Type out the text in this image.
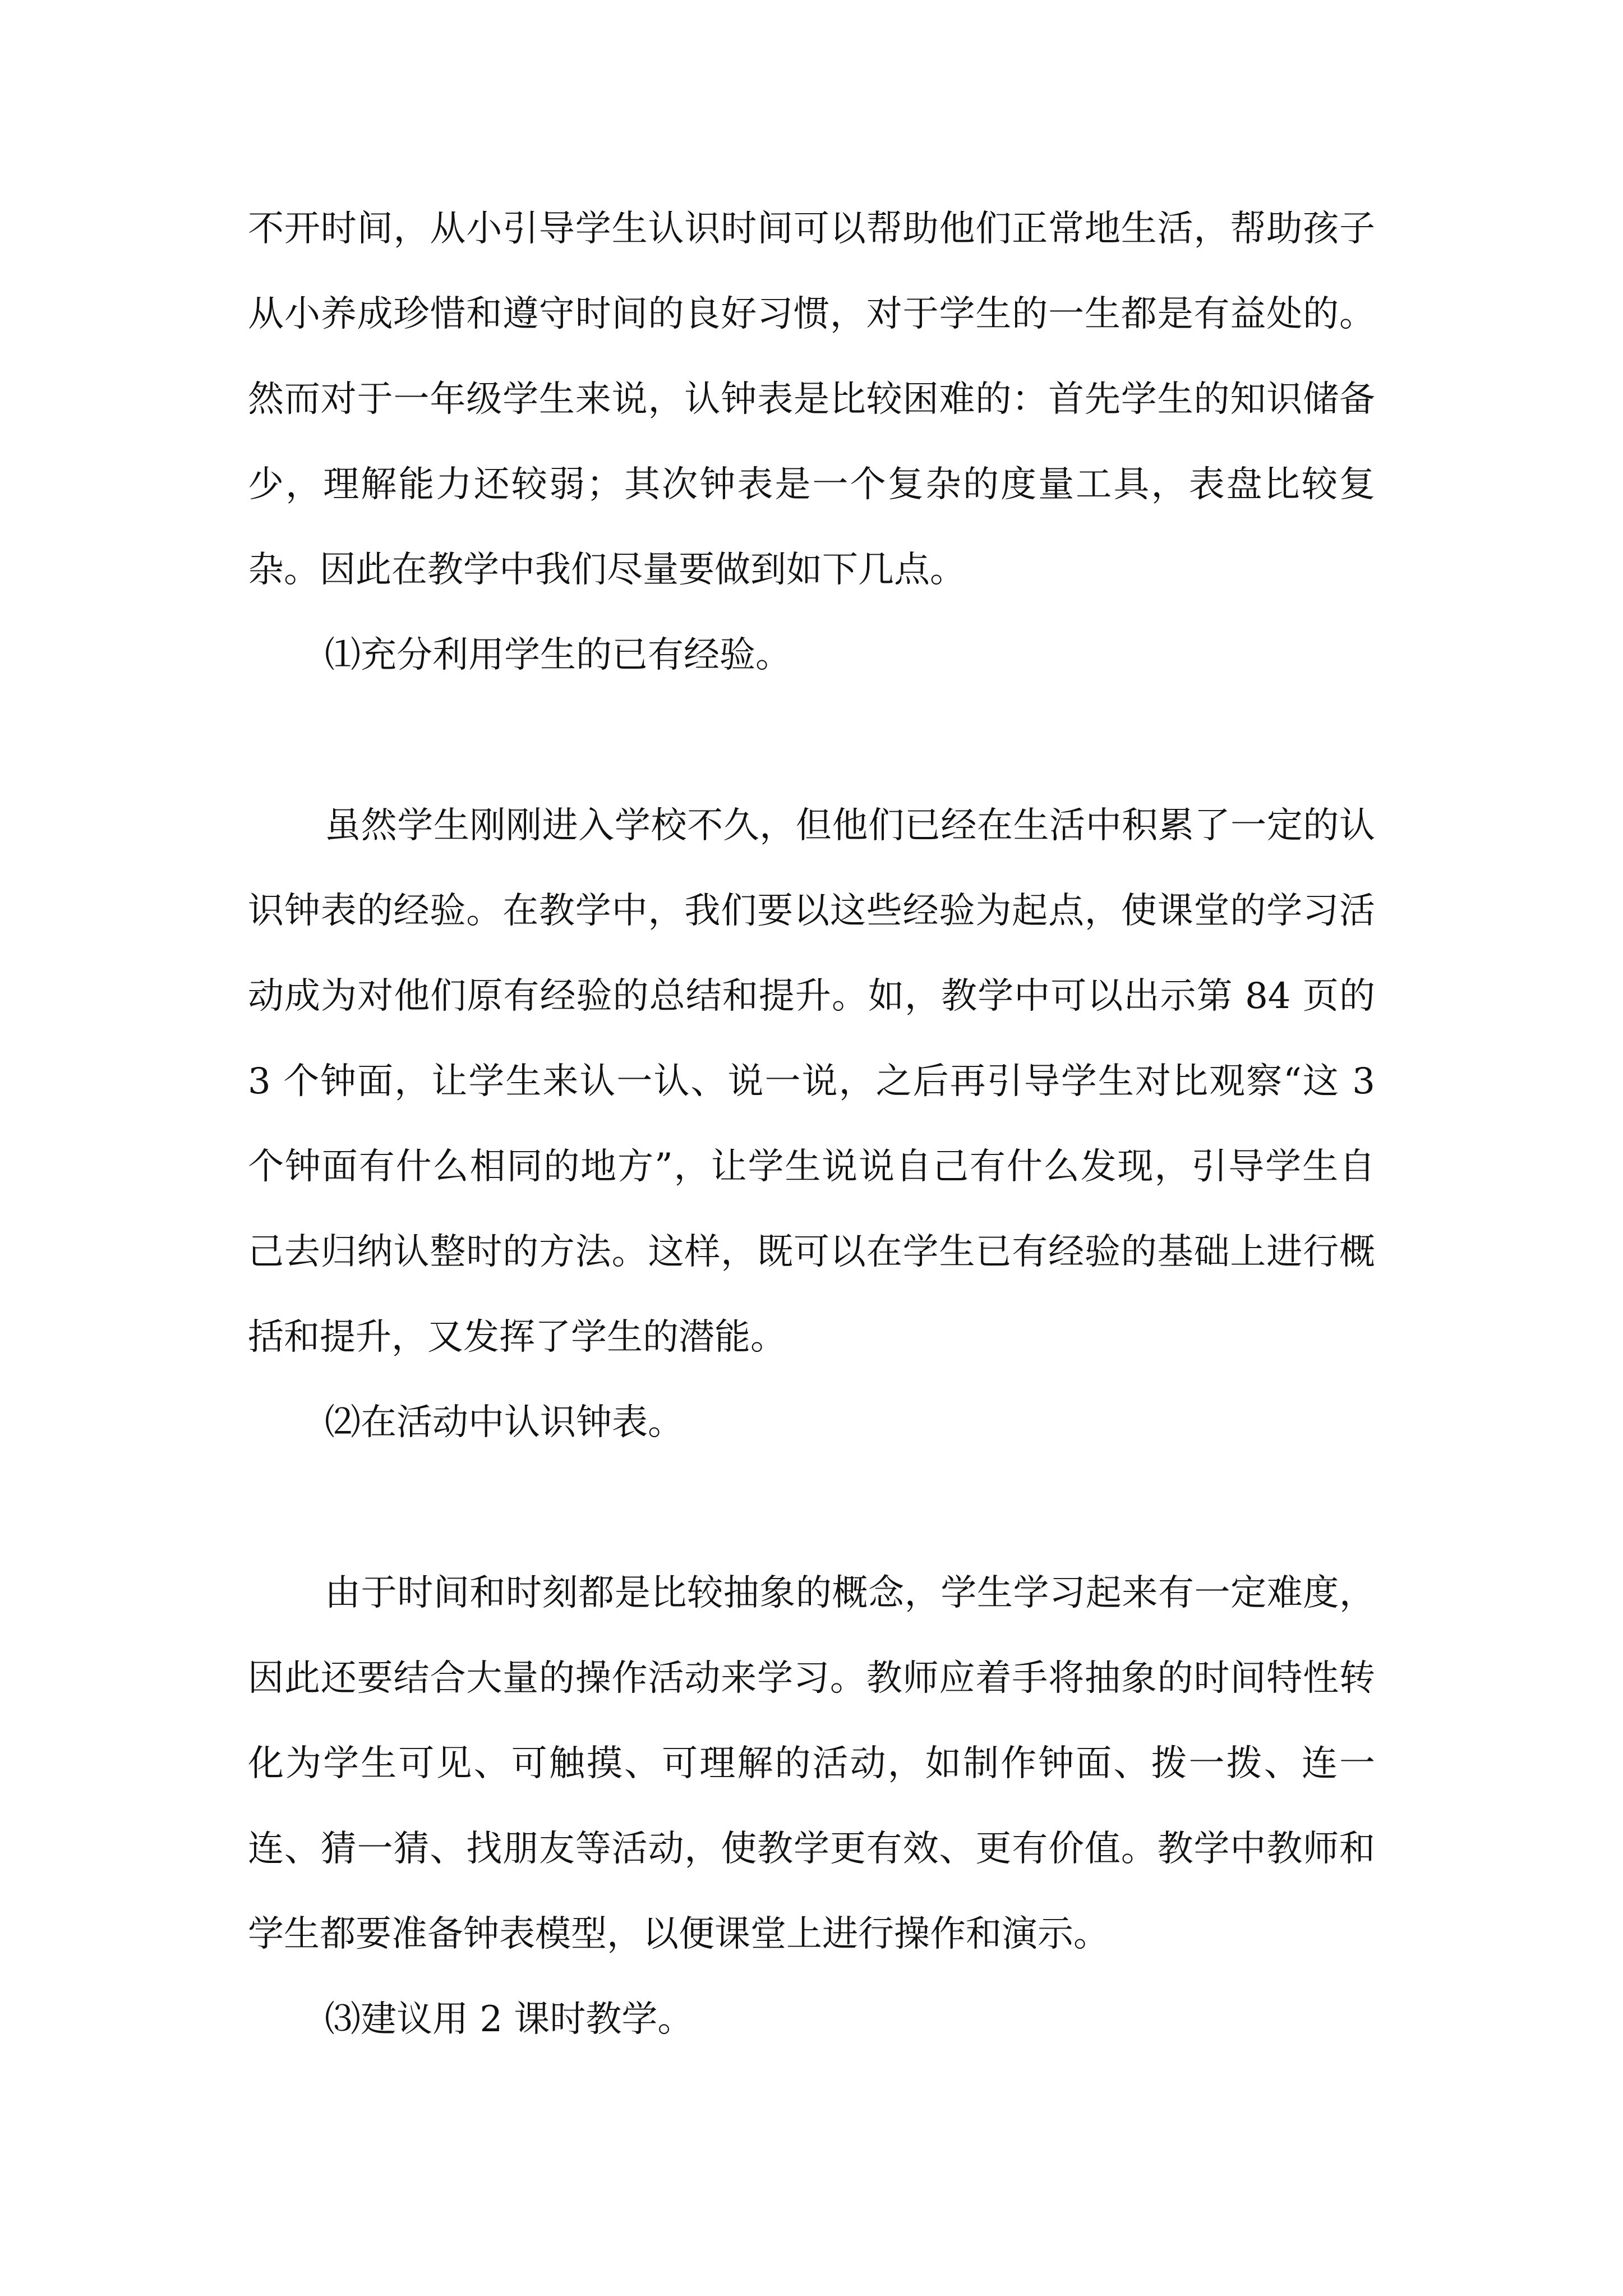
不开时间，从小引导学生认识时间可以帮助他们正常地生活，帮助孩子从小养成珍惜和遵守时间的良好习惯，对于学生的一生都是有益处的。然而对于一年级学生来说，认钟表是比较困难的：首先学生的知识储备少，理解能力还较弱；其次钟表是一个复杂的度量工具，表盘比较复杂。因此在教学中我们尽量要做到如下几点。

⑴充分利用学生的已有经验。

虽然学生刚刚进入学校不久，但他们已经在生活中积累了一定的认识钟表的经验。在教学中，我们要以这些经验为起点，使课堂的学习活动成为对他们原有经验的总结和提升。如，教学中可以出示第 84 页的 3 个钟面，让学生来认一认、说一说，之后再引导学生对比观察“这 3 个钟面有什么相同的地方”，让学生说说自己有什么发现，引导学生自己去归纳认整时的方法。这样，既可以在学生已有经验的基础上进行概括和提升，又发挥了学生的潜能。

⑵在活动中认识钟表。

由于时间和时刻都是比较抽象的概念，学生学习起来有一定难度，因此还要结合大量的操作活动来学习。教师应着手将抽象的时间特性转化为学生可见、可触摸、可理解的活动，如制作钟面、拨一拨、连一连、猜一猜、找朋友等活动，使教学更有效、更有价值。教学中教师和学生都要准备钟表模型，以便课堂上进行操作和演示。

⑶建议用 2 课时教学。
